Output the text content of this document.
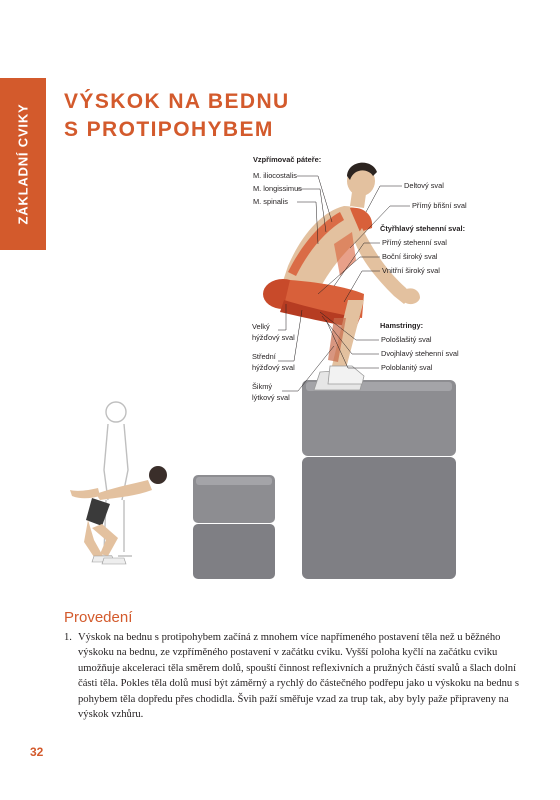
ZÁKLADNÍ CVIKY
VÝSKOK NA BEDNU
S PROTIPOHYBEM
Vzpřímovač páteře:
M. iliocostalis
M. longissimus
M. spinalis
Deltový sval
Přímý břišní sval
Čtyřhlavý stehenní sval:
Přímý stehenní sval
Boční široký sval
Vnitřní široký sval
Velký
hýžďový sval
Střední
hýžďový sval
Šikmý
lýtkový sval
Hamstringy:
Pološlašitý sval
Dvojhlavý stehenní sval
Poloblanitý sval
Provedení
1. Výskok na bednu s protipohybem začíná z mnohem více napřímeného postavení těla než u běžného výskoku na bednu, ze vzpříměného postavení v začátku cviku. Vyšší poloha kyčlí na začátku cviku umožňuje akceleraci těla směrem dolů, spouští činnost reflexivních a pružných částí svalů a šlach dolní části těla. Pokles těla dolů musí být záměrný a rychlý do částečného podřepu jako u výskoku na bednu s pohybem těla dopředu přes chodidla. Švih paží směřuje vzad za trup tak, aby byly paže připraveny na výskok vzhůru.
32
